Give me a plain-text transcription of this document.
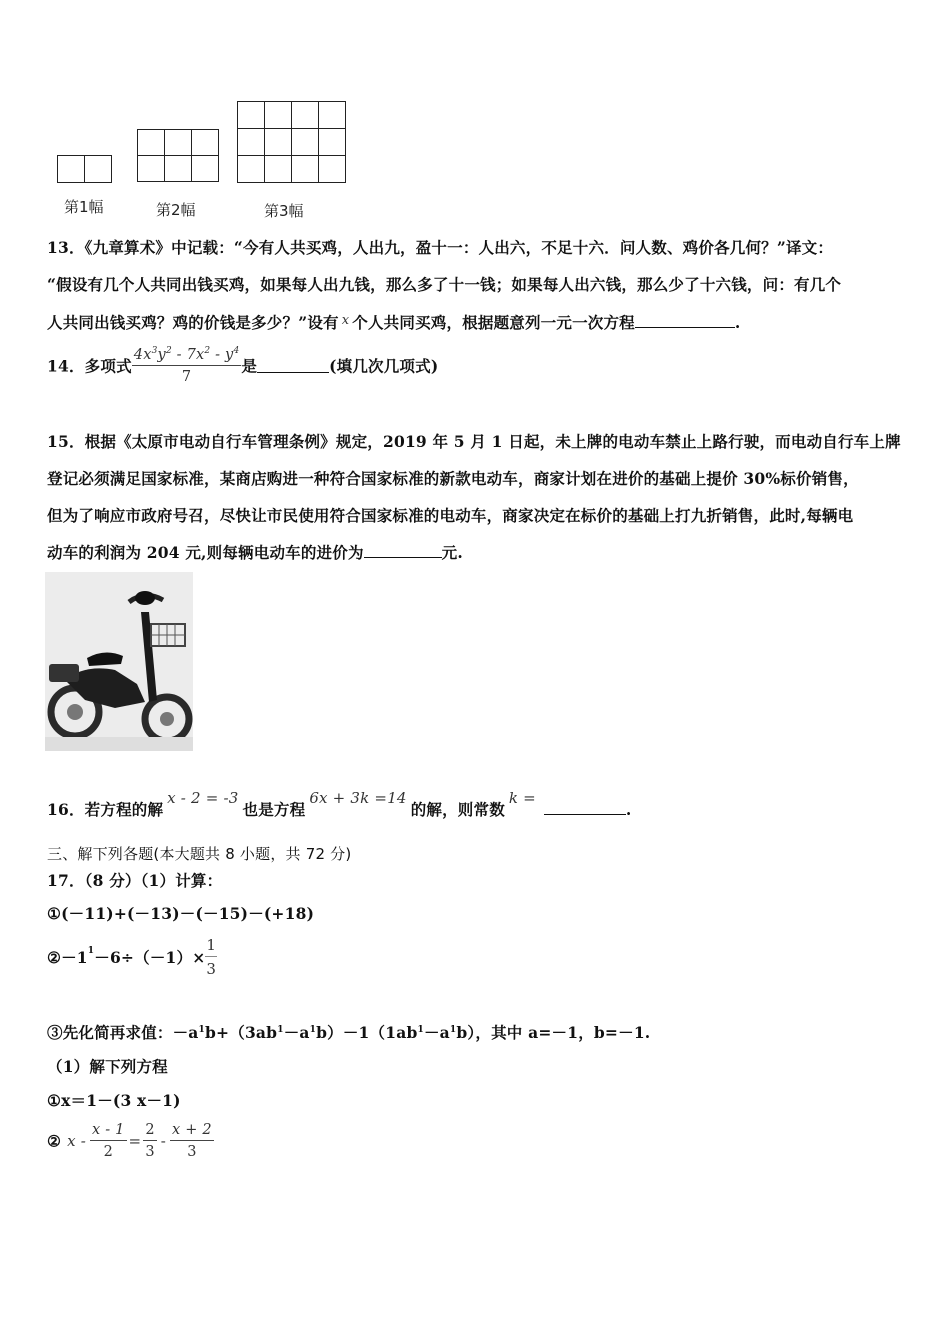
第1幅	第2幅	第3幅
13．《九章算术》中记载：“今有人共买鸡，人出九，盈十一：人出六，不足十六．问人数、鸡价各几何？”译文：
“假设有几个人共同出钱买鸡，如果每人出九钱，那么多了十一钱；如果每人出六钱，那么少了十六钱，问：有几个
人共同出钱买鸡？鸡的价钱是多少？”设有 $^x$ 个人共同买鸡，根据题意列一元一次方程	.
14．多项式 $\frac{4x^3y^2 - 7x^2 - y^4}{7}$ 是	(填几次几项式)
15．根据《太原市电动自行车管理条例》规定，2019 年 5 月 1 日起，未上牌的电动车禁止上路行驶，而电动自行车上牌
登记必须满足国家标准，某商店购进一种符合国家标准的新款电动车，商家计划在进价的基础上提价 30%标价销售，
但为了响应市政府号召，尽快让市民使用符合国家标准的电动车，商家决定在标价的基础上打九折销售，此时,每辆电
动车的利润为 204 元,则每辆电动车的进价为	元.
16．若方程的解x - 2 = -3也是方程6x + 3k =14的解，则常数k =.
三、解下列各题(本大题共 8 小题，共 72 分)
17．（8 分）（1）计算：
①(－11)+(－13)－(－15)－(+18)
$②-1^1-6\div(-1)\times \frac{1}{3}$
③先化简再求值：$-a^1b+(3ab^1-a^1b)-1(1ab^1-a^1b)$，其中 a=－1，b=－1.
（1）解下列方程
①x＝1－(3 x－1)
② $x - \frac{x - 1}{2} = \frac{2}{3} - \frac{x + 2}{3}$
